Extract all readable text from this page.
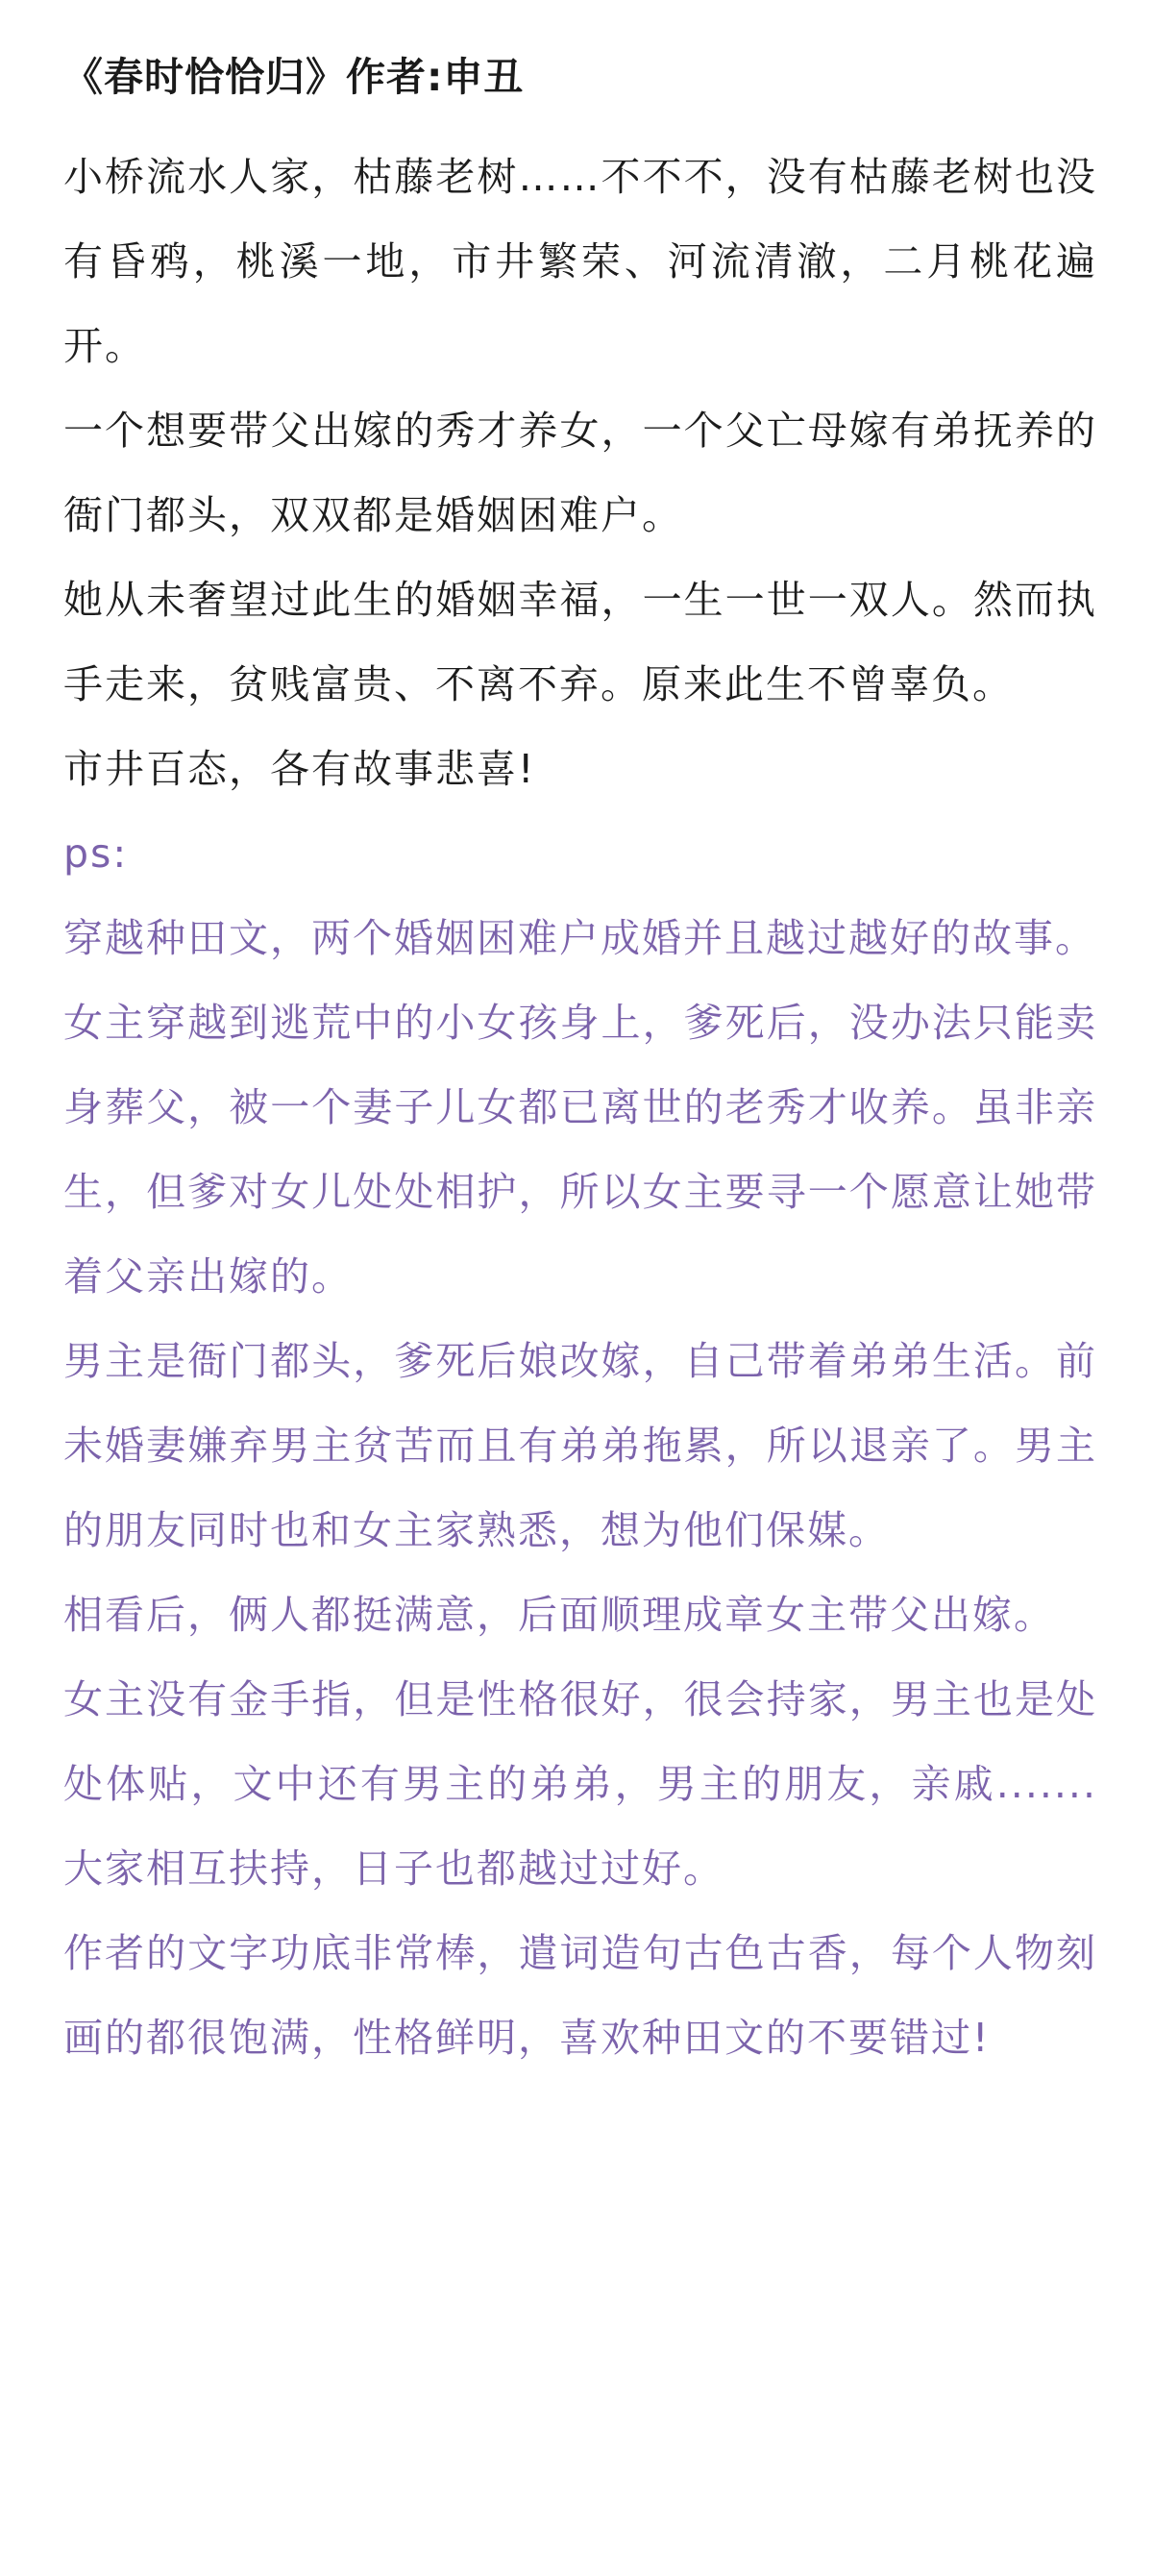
《春时恰恰归》作者:申丑

小桥流水人家，枯藤老树……不不不，没有枯藤老树也没有昏鸦，桃溪一地，市井繁荣、河流清澈，二月桃花遍开。

一个想要带父出嫁的秀才养女，一个父亡母嫁有弟抚养的衙门都头，双双都是婚姻困难户。

她从未奢望过此生的婚姻幸福，一生一世一双人。然而执手走来，贫贱富贵、不离不弃。原来此生不曾辜负。

市井百态，各有故事悲喜!

ps:

穿越种田文，两个婚姻困难户成婚并且越过越好的故事。

女主穿越到逃荒中的小女孩身上，爹死后，没办法只能卖身葬父，被一个妻子儿女都已离世的老秀才收养。虽非亲生，但爹对女儿处处相护，所以女主要寻一个愿意让她带着父亲出嫁的。

男主是衙门都头，爹死后娘改嫁，自己带着弟弟生活。前未婚妻嫌弃男主贫苦而且有弟弟拖累，所以退亲了。男主的朋友同时也和女主家熟悉，想为他们保媒。

相看后，俩人都挺满意，后面顺理成章女主带父出嫁。

女主没有金手指，但是性格很好，很会持家，男主也是处处体贴，文中还有男主的弟弟，男主的朋友，亲戚.......大家相互扶持，日子也都越过过好。

作者的文字功底非常棒，遣词造句古色古香，每个人物刻画的都很饱满，性格鲜明，喜欢种田文的不要错过!
